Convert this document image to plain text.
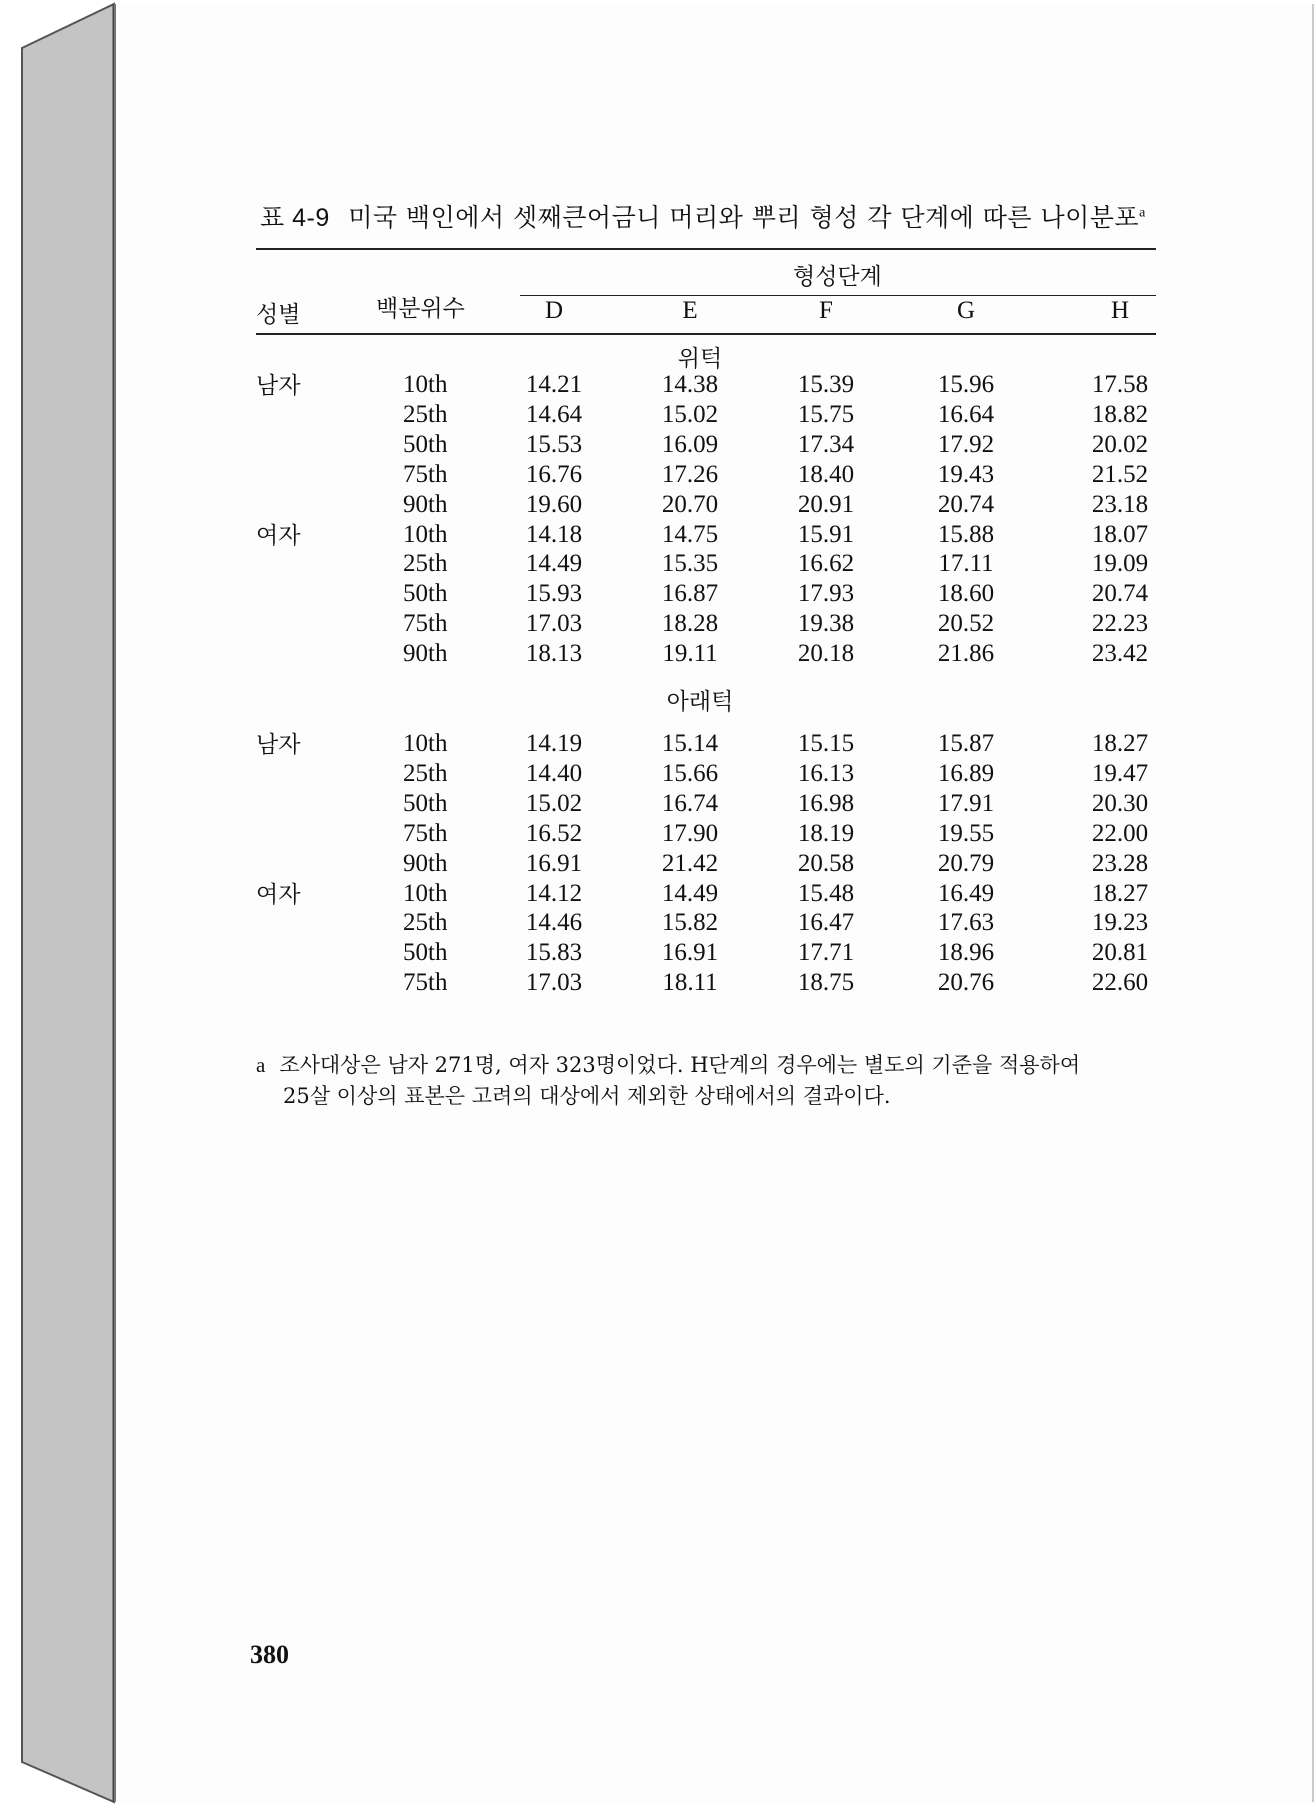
표 4-9 미국 백인에서 셋째큰어금니 머리와 뿌리 형성 각 단계에 따른 나이분포$^a$
성별	백분위수
형성단계
D	E	F	G	H
위턱
남자	10th	14.21	14.38	15.39	15.96	17.58
25th	14.64	15.02	15.75	16.64	18.82
50th	15.53	16.09	17.34	17.92	20.02
75th	16.76	17.26	18.40	19.43	21.52
90th	19.60	20.70	20.91	20.74	23.18
여자	10th	14.18	14.75	15.91	15.88	18.07
25th	14.49	15.35	16.62	17.11	19.09
50th	15.93	16.87	17.93	18.60	20.74
75th	17.03	18.28	19.38	20.52	22.23
90th	18.13	19.11	20.18	21.86	23.42
아래턱
남자	10th	14.19	15.14	15.15	15.87	18.27
25th	14.40	15.66	16.13	16.89	19.47
50th	15.02	16.74	16.98	17.91	20.30
75th	16.52	17.90	18.19	19.55	22.00
90th	16.91	21.42	20.58	20.79	23.28
여자	10th	14.12	14.49	15.48	16.49	18.27
25th	14.46	15.82	16.47	17.63	19.23
50th	15.83	16.91	17.71	18.96	20.81
75th	17.03	18.11	18.75	20.76	22.60
a 조사대상은 남자 271명, 여자 323명이었다. H단계의 경우에는 별도의 기준을 적용하여
25살 이상의 표본은 고려의 대상에서 제외한 상태에서의 결과이다.
380
